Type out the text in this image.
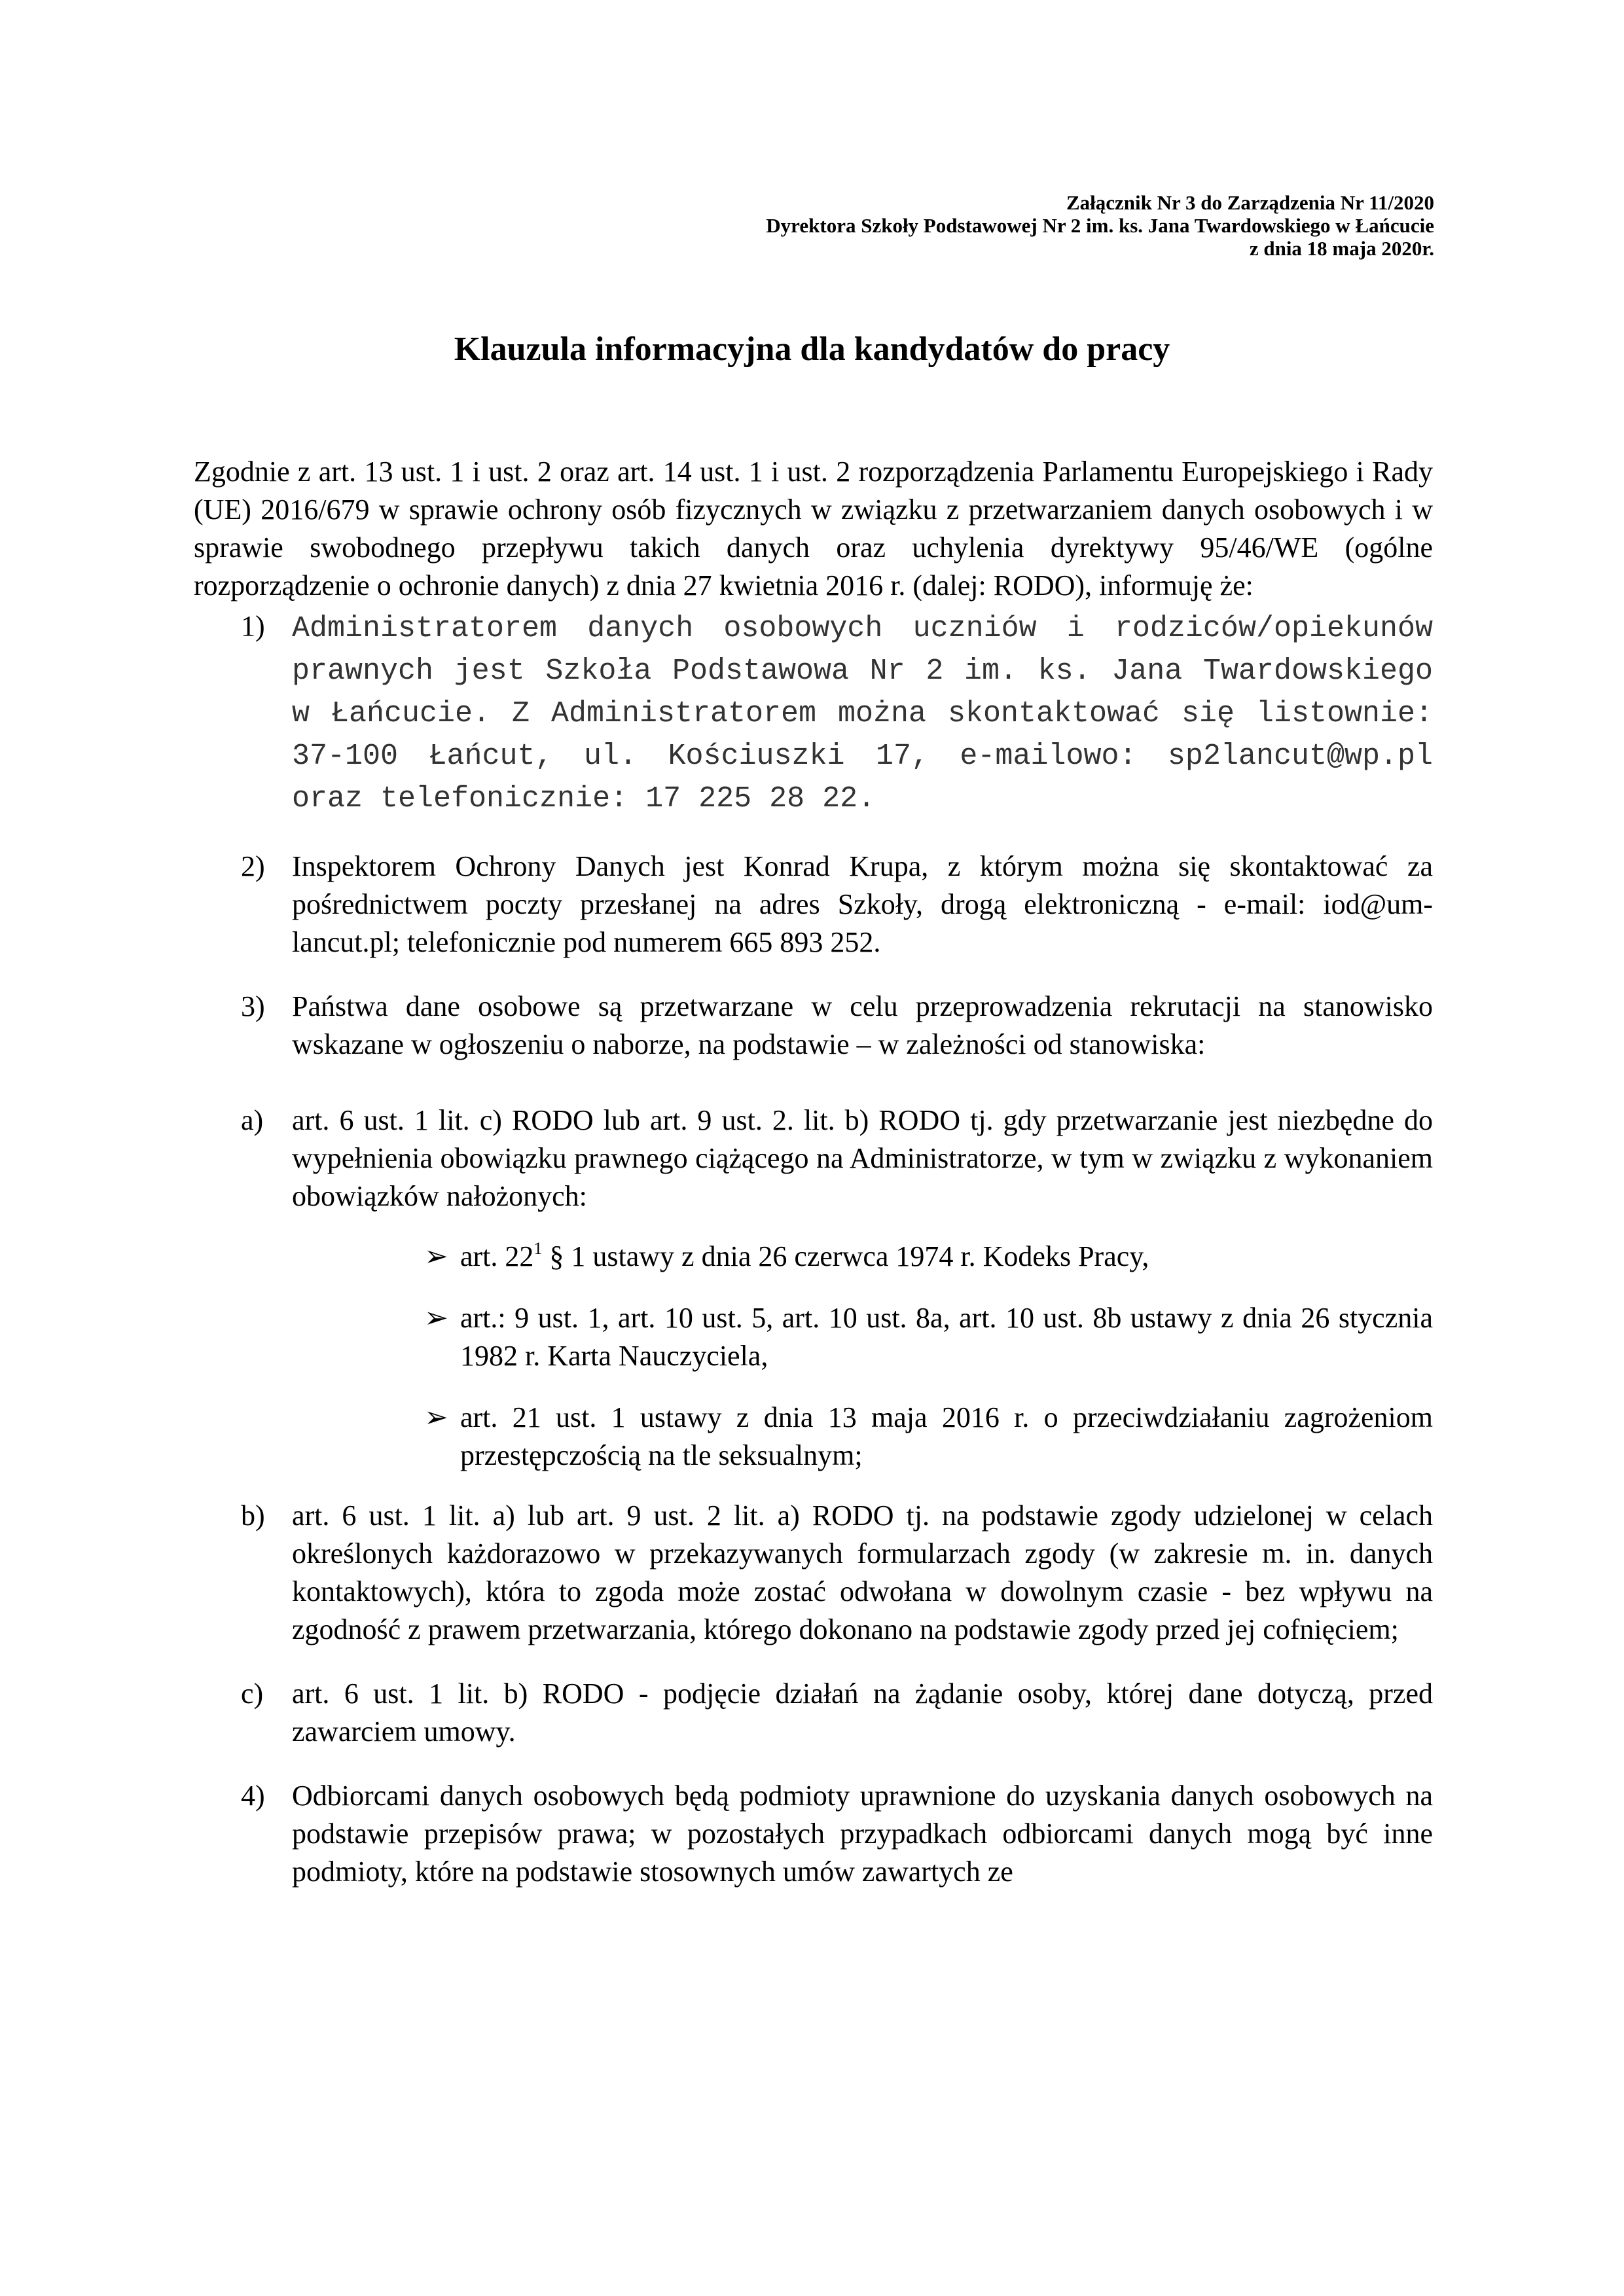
Załącznik Nr 3 do Zarządzenia Nr 11/2020
Dyrektora Szkoły Podstawowej Nr 2 im. ks. Jana Twardowskiego w Łańcucie
z dnia 18 maja 2020r.
Klauzula informacyjna dla kandydatów do pracy

Zgodnie z art. 13 ust. 1 i ust. 2 oraz art. 14 ust. 1 i ust. 2 rozporządzenia Parlamentu Europejskiego i Rady (UE) 2016/679 w sprawie ochrony osób fizycznych w związku z przetwarzaniem danych osobowych i w sprawie swobodnego przepływu takich danych oraz uchylenia dyrektywy 95/46/WE (ogólne rozporządzenie o ochronie danych) z dnia 27 kwietnia 2016 r. (dalej: RODO), informuję że:

1) Administratorem danych osobowych uczniów i rodziców/opiekunów prawnych jest Szkoła Podstawowa Nr 2 im. ks. Jana Twardowskiego w Łańcucie. Z Administratorem można skontaktować się listownie: 37-100 Łańcut, ul. Kościuszki 17, e-mailowo: sp2lancut@wp.pl oraz telefonicznie: 17 225 28 22.

2) Inspektorem Ochrony Danych jest Konrad Krupa, z którym można się skontaktować za pośrednictwem poczty przesłanej na adres Szkoły, drogą elektroniczną - e-mail: iod@um-lancut.pl; telefonicznie pod numerem 665 893 252.

3) Państwa dane osobowe są przetwarzane w celu przeprowadzenia rekrutacji na stanowisko wskazane w ogłoszeniu o naborze, na podstawie – w zależności od stanowiska:

a) art. 6 ust. 1 lit. c) RODO lub art. 9 ust. 2. lit. b) RODO tj. gdy przetwarzanie jest niezbędne do wypełnienia obowiązku prawnego ciążącego na Administratorze, w tym w związku z wykonaniem obowiązków nałożonych:

➢ art. $22^1$ § 1 ustawy z dnia 26 czerwca 1974 r. Kodeks Pracy,

➢ art.: 9 ust. 1, art. 10 ust. 5, art. 10 ust. 8a, art. 10 ust. 8b ustawy z dnia 26 stycznia 1982 r. Karta Nauczyciela,

➢ art. 21 ust. 1 ustawy z dnia 13 maja 2016 r. o przeciwdziałaniu zagrożeniom przestępczością na tle seksualnym;

b) art. 6 ust. 1 lit. a) lub art. 9 ust. 2 lit. a) RODO tj. na podstawie zgody udzielonej w celach określonych każdorazowo w przekazywanych formularzach zgody (w zakresie m. in. danych kontaktowych), która to zgoda może zostać odwołana w dowolnym czasie - bez wpływu na zgodność z prawem przetwarzania, którego dokonano na podstawie zgody przed jej cofnięciem;

c) art. 6 ust. 1 lit. b) RODO - podjęcie działań na żądanie osoby, której dane dotyczą, przed zawarciem umowy.

4) Odbiorcami danych osobowych będą podmioty uprawnione do uzyskania danych osobowych na podstawie przepisów prawa; w pozostałych przypadkach odbiorcami danych mogą być inne podmioty, które na podstawie stosownych umów zawartych ze
